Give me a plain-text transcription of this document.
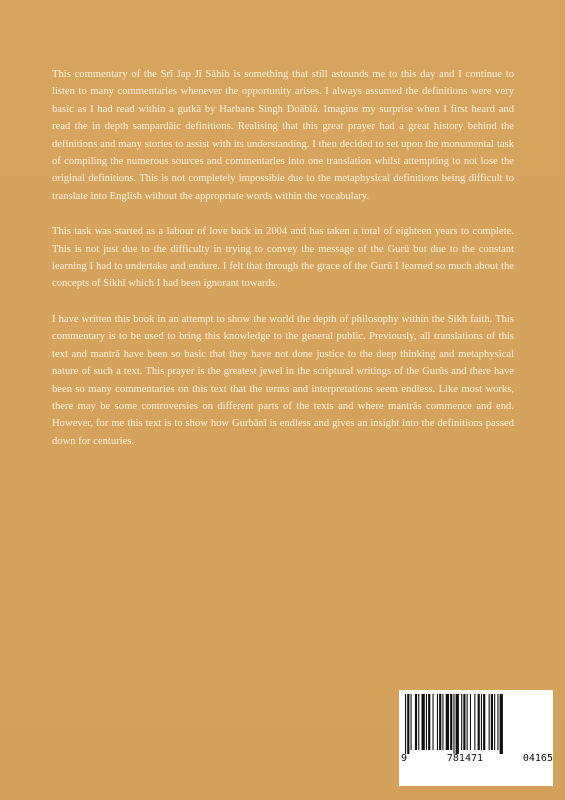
This commentary of the Srī Jap Jī Sāhib is something that still astounds me to this day and I continue to listen to many commentaries whenever the opportunity arises. I always assumed the definitions were very basic as I had read within a gutkā by Harbans Singh Doābiā. Imagine my surprise when I first heard and read the in depth sampardāic definitions. Realising that this great prayer had a great history behind the definitions and many stories to assist with its understanding. I then decided to set upon the monumental task of compiling the numerous sources and commentaries into one translation whilst attempting to not lose the original definitions. This is not completely impossible due to the metaphysical definitions being difficult to translate into English without the appropriate words within the vocabulary.

This task was started as a labour of love back in 2004 and has taken a total of eighteen years to complete. This is not just due to the difficulty in trying to convey the message of the Gurū but due to the constant learning I had to undertake and endure. I felt that through the grace of the Gurū I learned so much about the concepts of Sikhī which I had been ignorant towards.

I have written this book in an attempt to show the world the depth of philosophy within the Sikh faith. This commentary is to be used to bring this knowledge to the general public. Previously, all translations of this text and mantrā have been so basic that they have not done justice to the deep thinking and metaphysical nature of such a text. This prayer is the greatest jewel in the scriptural writings of the Gurūs and there have been so many commentaries on this text that the terms and interpretations seem endless. Like most works, there may be some controversies on different parts of the texts and where mantrās commence and end. However, for me this text is to show how Gurbānī is endless and gives an insight into the definitions passed down for centuries.

9	781471	04165
